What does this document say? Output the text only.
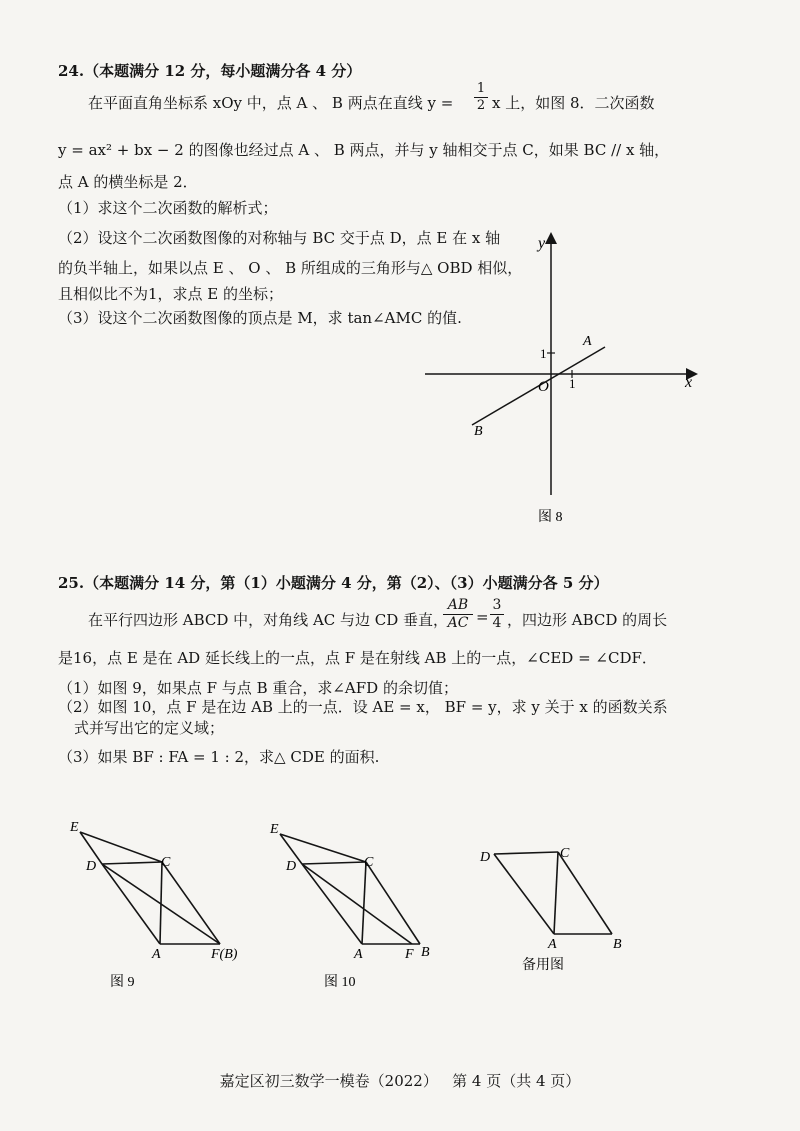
24.（本题满分 12 分，每小题满分各 4 分）
在平面直角坐标系 xOy 中，点 A 、 B 两点在直线 $y = \frac{1}{2}$ x 上，如图 8．二次函数
y = ax² + bx − 2 的图像也经过点 A 、 B 两点，并与 y 轴相交于点 C，如果 BC // x 轴，
点 A 的横坐标是 2．
（1）求这个二次函数的解析式；
（2）设这个二次函数图像的对称轴与 BC 交于点 D，点 E 在 x 轴
的负半轴上，如果以点 E 、 O 、 B 所组成的三角形与△ OBD 相似，
且相似比不为1，求点 E 的坐标；
（3）设这个二次函数图像的顶点是 M，求 tan∠AMC 的值.
y
x
O 1
1
A
B
图 8
25.（本题满分 14 分，第（1）小题满分 4 分，第（2）、（3）小题满分各 5 分）
在平行四边形 ABCD 中，对角线 AC 与边 CD 垂直，
$\frac{AB}{AC} = \frac{3}{4}$ ，四边形 ABCD 的周长
是16，点 E 是在 AD 延长线上的一点，点 F 是在射线 AB 上的一点，∠CED = ∠CDF．
（1）如图 9，如果点 F 与点 B 重合，求∠AFD 的余切值；
（2）如图 10，点 F 是在边 AB 上的一点．设 AE = x， BF = y，求 y 关于 x 的函数关系
式并写出它的定义域；
（3）如果 BF : FA = 1 : 2，求△ CDE 的面积.
E
D	C
A	F(B)
图 9
E
D	C
A	F B
图 10
D	C
A	B
备用图
嘉定区初三数学一模卷（2022）   第 4 页（共 4 页）
